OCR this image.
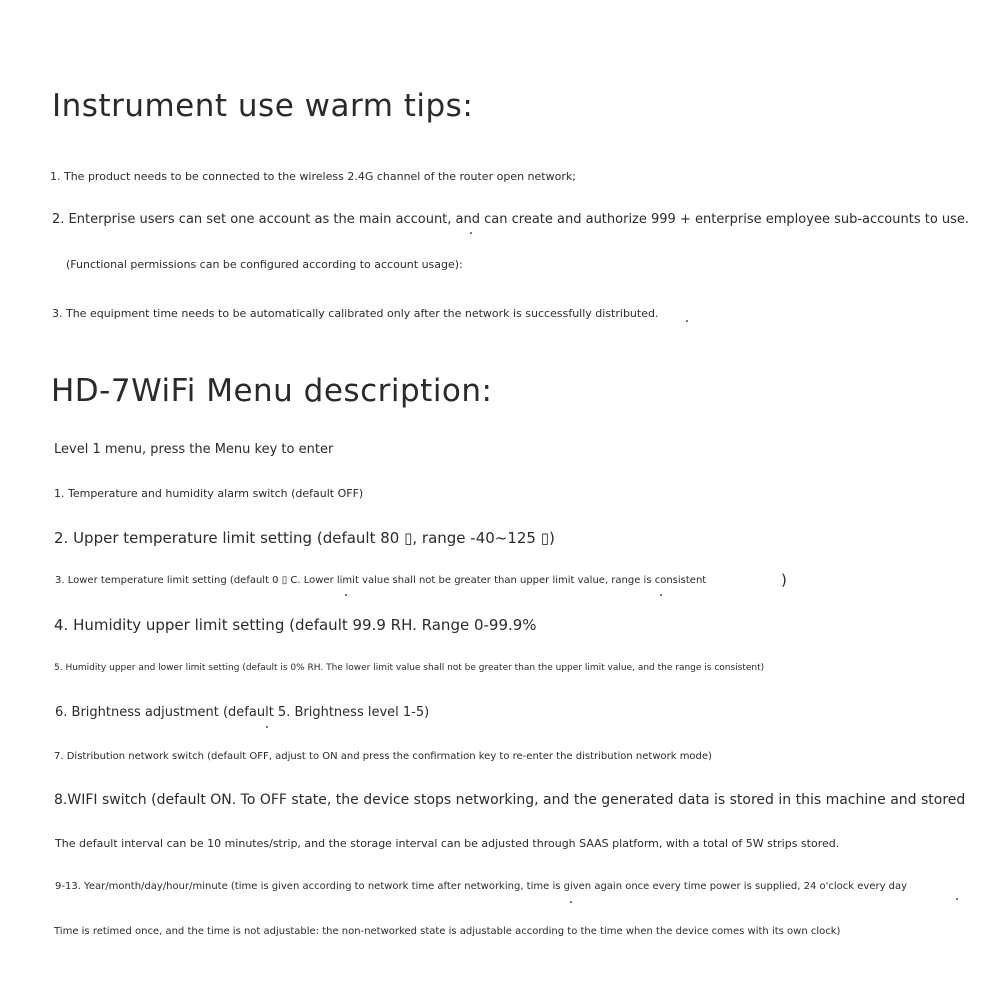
Instrument use warm tips:
1. The product needs to be connected to the wireless 2.4G channel of the router open network;
2. Enterprise users can set one account as the main account, and can create and authorize 999 + enterprise employee sub-accounts to use.
(Functional permissions can be configured according to account usage):
3. The equipment time needs to be automatically calibrated only after the network is successfully distributed.
HD-7WiFi Menu description:
Level 1 menu, press the Menu key to enter
1. Temperature and humidity alarm switch (default OFF)
2. Upper temperature limit setting (default 80 ▯, range -40~125 ▯)
3. Lower temperature limit setting (default 0 ▯ C. Lower limit value shall not be greater than upper limit value, range is consistent	)
4. Humidity upper limit setting (default 99.9 RH. Range 0-99.9%
5. Humidity upper and lower limit setting (default is 0% RH. The lower limit value shall not be greater than the upper limit value, and the range is consistent)
6. Brightness adjustment (default 5. Brightness level 1-5)
7. Distribution network switch (default OFF, adjust to ON and press the confirmation key to re-enter the distribution network mode)
8.WIFI switch (default ON. To OFF state, the device stops networking, and the generated data is stored in this machine and stored
The default interval can be 10 minutes/strip, and the storage interval can be adjusted through SAAS platform, with a total of 5W strips stored.
9-13. Year/month/day/hour/minute (time is given according to network time after networking, time is given again once every time power is supplied, 24 o'clock every day
Time is retimed once, and the time is not adjustable: the non-networked state is adjustable according to the time when the device comes with its own clock)
